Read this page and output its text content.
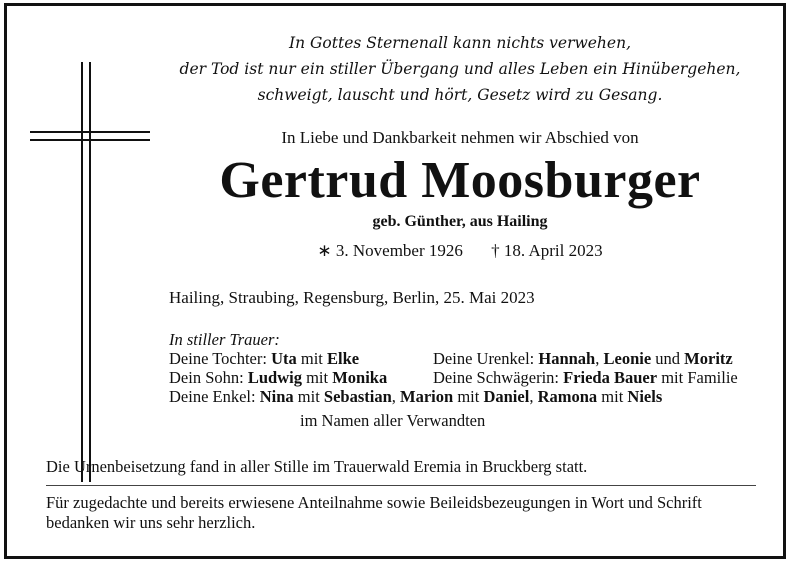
In Gottes Sternenall kann nichts verwehen,
der Tod ist nur ein stiller Übergang und alles Leben ein Hinübergehen,
schweigt, lauscht und hört, Gesetz wird zu Gesang.
In Liebe und Dankbarkeit nehmen wir Abschied von
Gertrud Moosburger
geb. Günther, aus Hailing
∗ 3. November 1926 † 18. April 2023
Hailing, Straubing, Regensburg, Berlin, 25. Mai 2023
In stiller Trauer:
Deine Tochter: Uta mit Elke	Deine Urenkel: Hannah, Leonie und Moritz
Dein Sohn: Ludwig mit Monika	Deine Schwägerin: Frieda Bauer mit Familie
Deine Enkel: Nina mit Sebastian, Marion mit Daniel, Ramona mit Niels
im Namen aller Verwandten
Die Urnenbeisetzung fand in aller Stille im Trauerwald Eremia in Bruckberg statt.
Für zugedachte und bereits erwiesene Anteilnahme sowie Beileidsbezeugungen in Wort und Schrift bedanken wir uns sehr herzlich.
